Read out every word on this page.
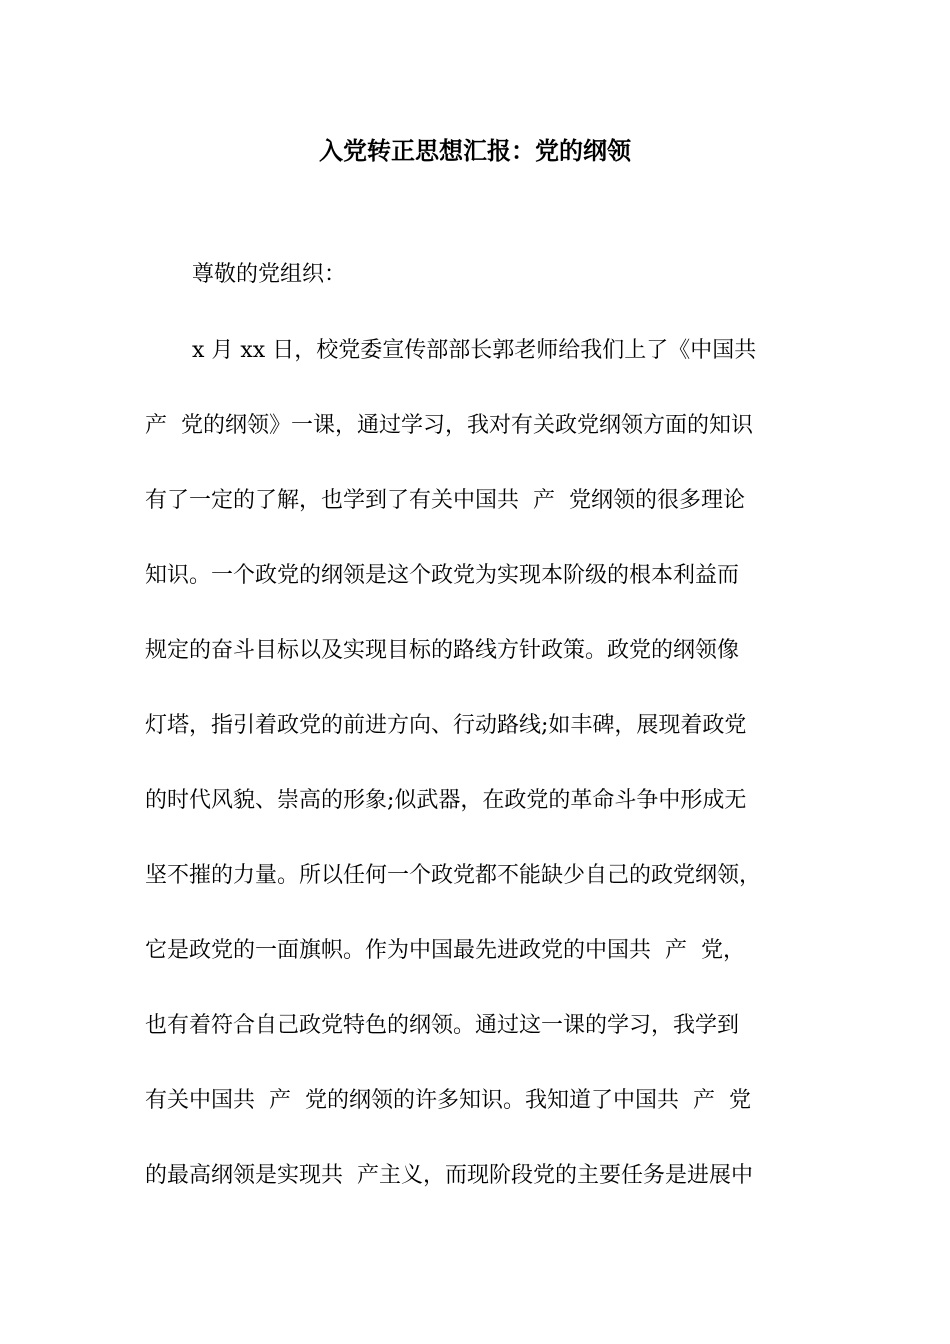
入党转正思想汇报：党的纲领
尊敬的党组织：
x 月 xx 日，校党委宣传部部长郭老师给我们上了《中国共
产  党的纲领》一课，通过学习，我对有关政党纲领方面的知识
有了一定的了解，也学到了有关中国共  产  党纲领的很多理论
知识。一个政党的纲领是这个政党为实现本阶级的根本利益而
规定的奋斗目标以及实现目标的路线方针政策。政党的纲领像
灯塔，指引着政党的前进方向、行动路线;如丰碑，展现着政党
的时代风貌、崇高的形象;似武器，在政党的革命斗争中形成无
坚不摧的力量。所以任何一个政党都不能缺少自己的政党纲领，
它是政党的一面旗帜。作为中国最先进政党的中国共  产  党，
也有着符合自己政党特色的纲领。通过这一课的学习，我学到
有关中国共  产  党的纲领的许多知识。我知道了中国共  产  党
的最高纲领是实现共  产主义，而现阶段党的主要任务是进展中
